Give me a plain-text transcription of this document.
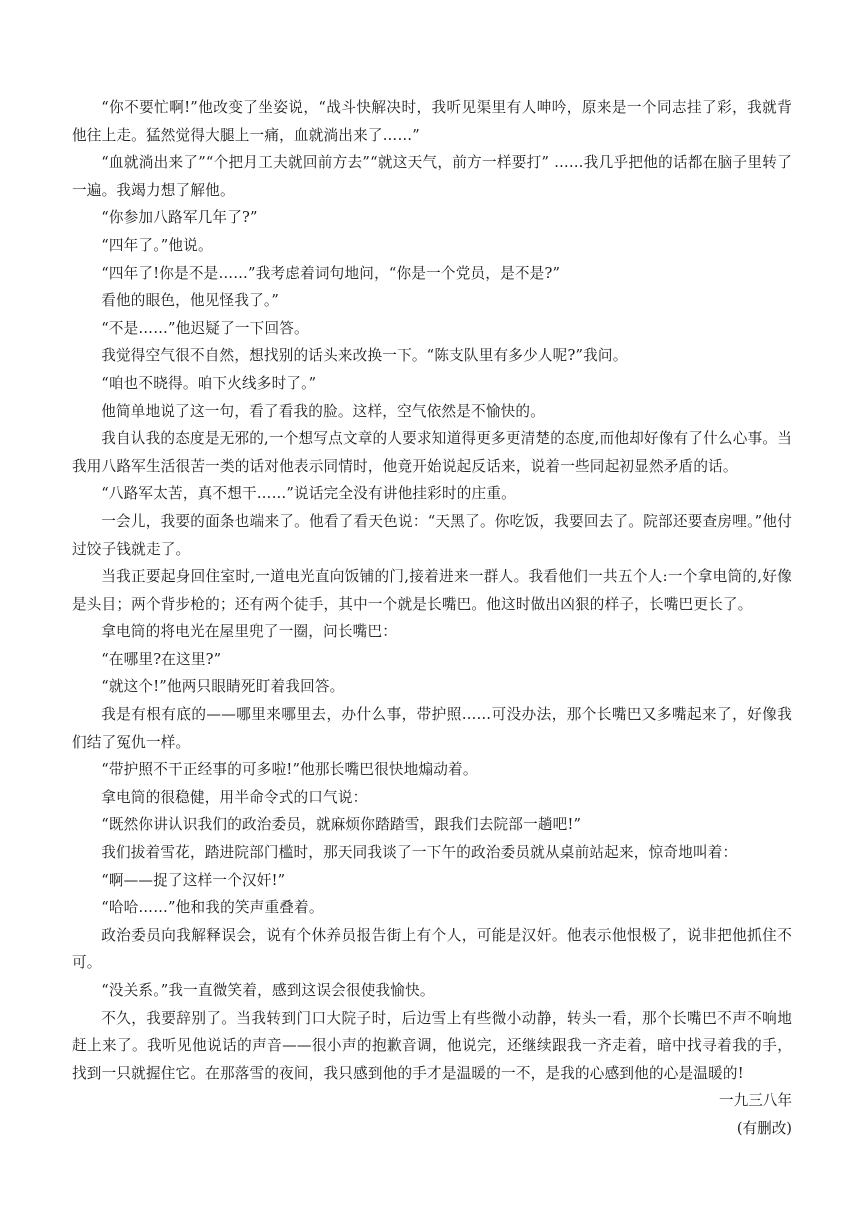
“你不要忙啊!”他改变了坐姿说，“战斗快解决时，我听见渠里有人呻吟，原来是一个同志挂了彩，我就背他往上走。猛然觉得大腿上一痛，血就淌出来了……”

“血就淌出来了”“个把月工夫就回前方去”“就这天气，前方一样要打” ……我几乎把他的话都在脑子里转了一遍。我竭力想了解他。

“你参加八路军几年了?”

“四年了。”他说。

“四年了!你是不是……”我考虑着词句地问，“你是一个党员，是不是?”

看他的眼色，他见怪我了。”

“不是……”他迟疑了一下回答。

我觉得空气很不自然，想找别的话头来改换一下。“陈支队里有多少人呢?”我问。

“咱也不晓得。咱下火线多时了。”

他简单地说了这一句，看了看我的脸。这样，空气依然是不愉快的。

我自认我的态度是无邪的,一个想写点文章的人要求知道得更多更清楚的态度,而他却好像有了什么心事。当我用八路军生活很苦一类的话对他表示同情时，他竟开始说起反话来，说着一些同起初显然矛盾的话。

“八路军太苦，真不想干……”说话完全没有讲他挂彩时的庄重。

一会儿，我要的面条也端来了。他看了看天色说：“天黑了。你吃饭，我要回去了。院部还要查房哩。”他付过饺子钱就走了。

当我正要起身回住室时,一道电光直向饭铺的门,接着进来一群人。我看他们一共五个人:一个拿电筒的,好像是头目；两个背步枪的；还有两个徒手，其中一个就是长嘴巴。他这时做出凶狠的样子，长嘴巴更长了。

拿电筒的将电光在屋里兜了一圈，问长嘴巴：

“在哪里?在这里?”

“就这个!”他两只眼睛死盯着我回答。

我是有根有底的——哪里来哪里去，办什么事，带护照……可没办法，那个长嘴巴又多嘴起来了，好像我们结了冤仇一样。

“带护照不干正经事的可多啦!”他那长嘴巴很快地煽动着。

拿电筒的很稳健，用半命令式的口气说：

“既然你讲认识我们的政治委员，就麻烦你踏踏雪，跟我们去院部一趟吧!”

我们拔着雪花，踏进院部门槛时，那天同我谈了一下午的政治委员就从桌前站起来，惊奇地叫着：

“啊——捉了这样一个汉奸!”

“哈哈……”他和我的笑声重叠着。

政治委员向我解释误会，说有个休养员报告街上有个人，可能是汉奸。他表示他恨极了，说非把他抓住不可。

“没关系。”我一直微笑着，感到这误会很使我愉快。

不久，我要辞别了。当我转到门口大院子时，后边雪上有些微小动静，转头一看，那个长嘴巴不声不响地赶上来了。我听见他说话的声音——很小声的抱歉音调，他说完，还继续跟我一齐走着，暗中找寻着我的手，找到一只就握住它。在那落雪的夜间，我只感到他的手才是温暖的一不，是我的心感到他的心是温暖的!

一九三八年

(有删改)
